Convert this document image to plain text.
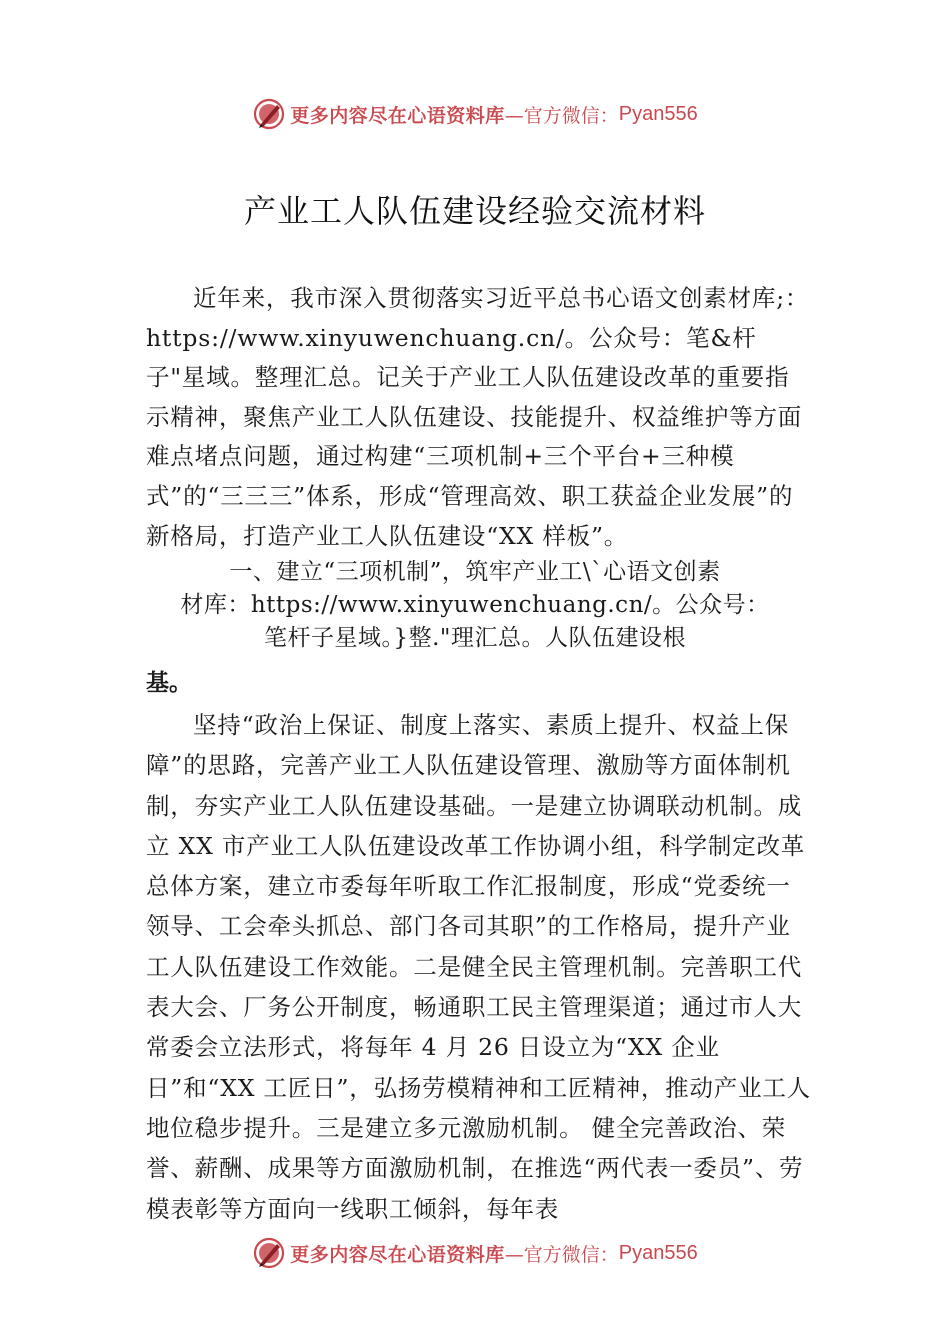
更多内容尽在心语资料库 —官方微信： Pyan556
产业工人队伍建设经验交流材料
近年来，我市深入贯彻落实习近平总书心语文创素材库;：https://www.xinyuwenchuang.cn/。公众号：笔&杆子"星域。整理汇总。记关于产业工人队伍建设改革的重要指示精神，聚焦产业工人队伍建设、技能提升、权益维护等方面难点堵点问题，通过构建“三项机制+三个平台+三种模式”的“三三三”体系，形成“管理高效、职工获益企业发展”的新格局，打造产业工人队伍建设“XX 样板”。
一、建立“三项机制”，筑牢产业工\`心语文创素
材库：https://www.xinyuwenchuang.cn/。公众号：
笔杆子星域。}整."理汇总。人队伍建设根
基。
坚持“政治上保证、制度上落实、素质上提升、权益上保障”的思路，完善产业工人队伍建设管理、激励等方面体制机制，夯实产业工人队伍建设基础。一是建立协调联动机制。成立 XX 市产业工人队伍建设改革工作协调小组，科学制定改革总体方案，建立市委每年听取工作汇报制度，形成“党委统一领导、工会牵头抓总、部门各司其职”的工作格局，提升产业工人队伍建设工作效能。二是健全民主管理机制。完善职工代表大会、厂务公开制度，畅通职工民主管理渠道；通过市人大常委会立法形式，将每年 4 月 26 日设立为“XX 企业日”和“XX 工匠日”，弘扬劳模精神和工匠精神，推动产业工人地位稳步提升。三是建立多元激励机制。 健全完善政治、荣誉、薪酬、成果等方面激励机制，在推选“两代表一委员”、劳模表彰等方面向一线职工倾斜，每年表
更多内容尽在心语资料库 —官方微信： Pyan556
